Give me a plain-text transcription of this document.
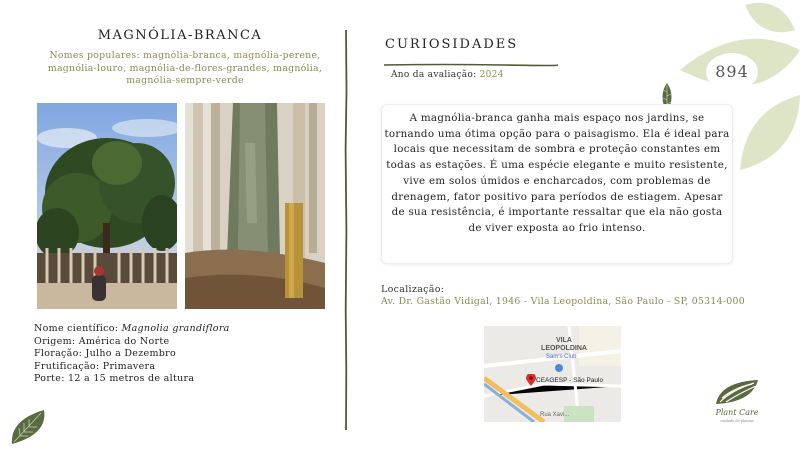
MAGNÓLIA-BRANCA
Nomes populares: magnólia-branca, magnólia-perene, magnólia-louro, magnólia-de-flores-grandes, magnólia, magnólia-sempre-verde
Nome científico: Magnolia grandiflora
Origem: América do Norte
Floração: Julho a Dezembro
Frutificação: Primavera
Porte: 12 a 15 metros de altura
CURIOSIDADES
Ano da avaliação: 2024
A magnólia-branca ganha mais espaço nos jardins, se tornando uma ótima opção para o paisagismo. Ela é ideal para locais que necessitam de sombra e proteção constantes em todas as estações. É uma espécie elegante e muito resistente, vive em solos úmidos e encharcados, com problemas de drenagem, fator positivo para períodos de estiagem. Apesar de sua resistência, é importante ressaltar que ela não gosta de viver exposta ao frio intenso.
Localização:
Av. Dr. Gastão Vidigal, 1946 - Vila Leopoldina, São Paulo - SP, 05314-000
VILA LEOPOLDINA
Sam's Club
CEAGESP - São Paulo
Rua Xavi...
894
Plant Care
cuidado de plantas
